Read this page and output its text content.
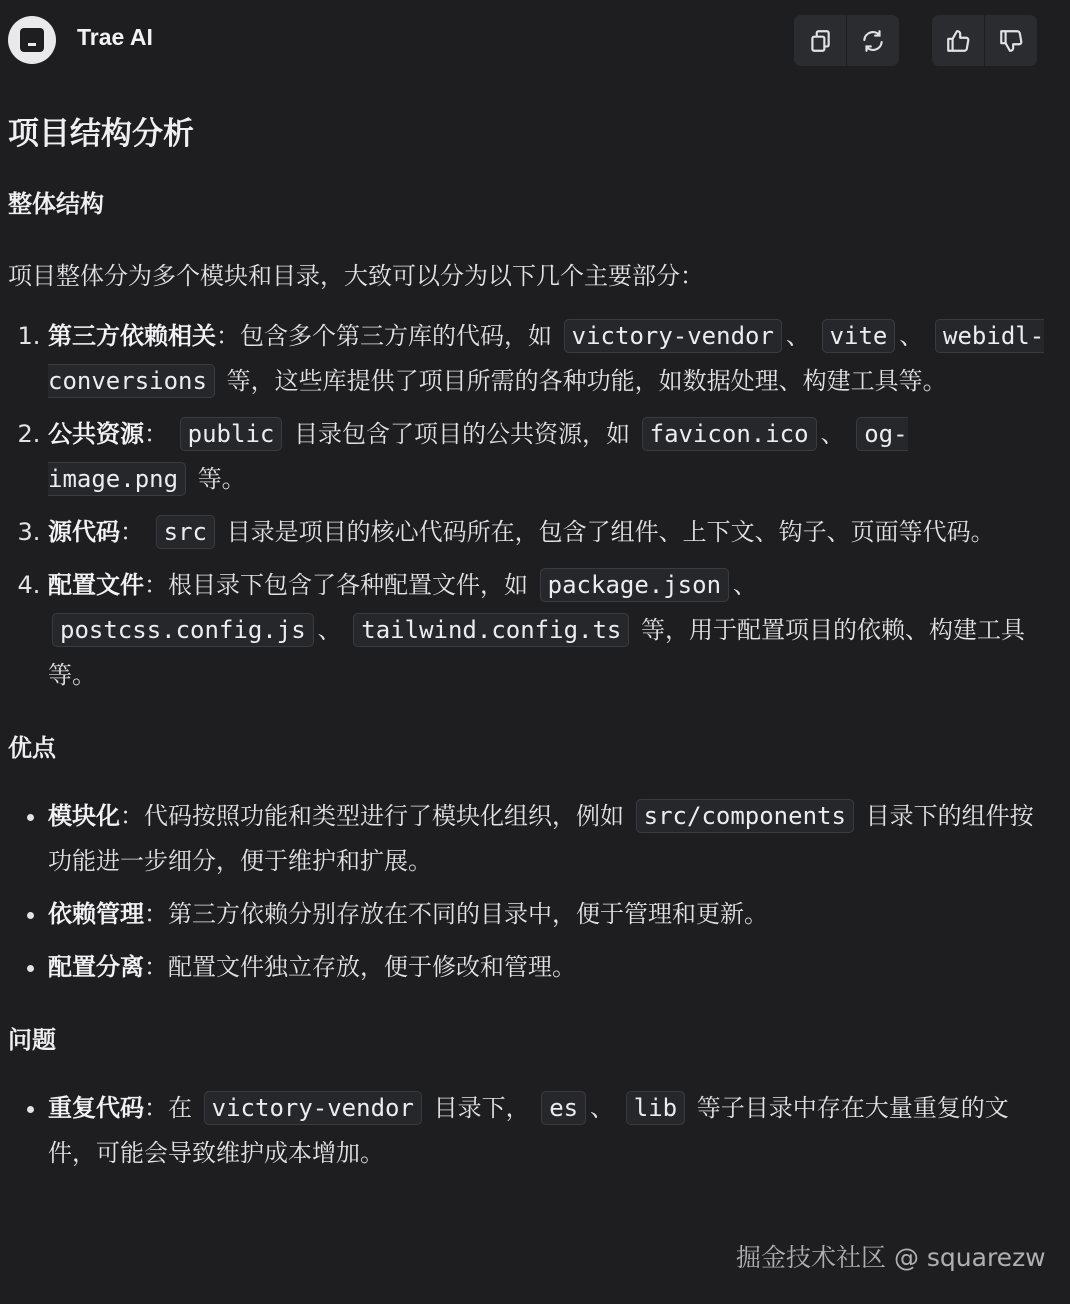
Trae AI
项目结构分析
整体结构

项目整体分为多个模块和目录，大致可以分为以下几个主要部分：

1. 第三方依赖相关：包含多个第三方库的代码，如 victory-vendor 、 vite 、 webidl-conversions 等，这些库提供了项目所需的各种功能，如数据处理、构建工具等。
2. 公共资源： public 目录包含了项目的公共资源，如 favicon.ico 、 og-image.png 等。
3. 源代码： src 目录是项目的核心代码所在，包含了组件、上下文、钩子、页面等代码。
4. 配置文件：根目录下包含了各种配置文件，如 package.json 、 postcss.config.js 、 tailwind.config.ts 等，用于配置项目的依赖、构建工具等。
优点
• 模块化：代码按照功能和类型进行了模块化组织，例如 src/components 目录下的组件按功能进一步细分，便于维护和扩展。
• 依赖管理：第三方依赖分别存放在不同的目录中，便于管理和更新。
• 配置分离：配置文件独立存放，便于修改和管理。
问题
• 重复代码：在 victory-vendor 目录下， es 、 lib 等子目录中存在大量重复的文件，可能会导致维护成本增加。
掘金技术社区 @ squarezw
